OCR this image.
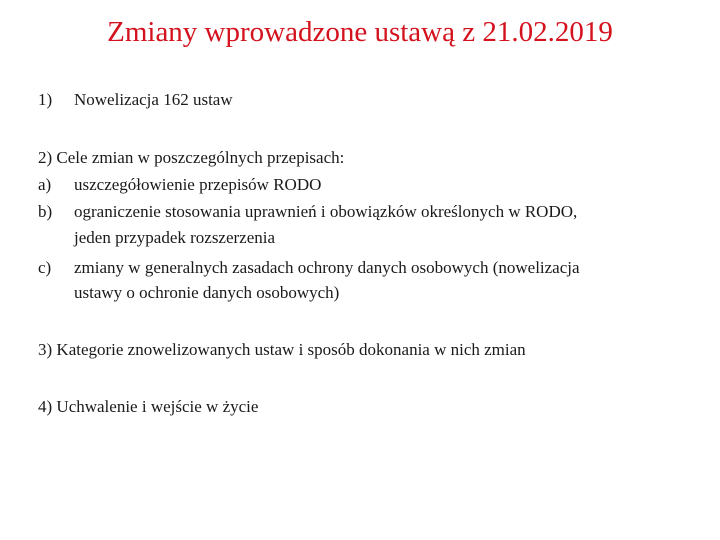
Zmiany wprowadzone ustawą z 21.02.2019
1) Nowelizacja 162 ustaw
2) Cele zmian w poszczególnych przepisach:
a) uszczegółowienie przepisów RODO
b) ograniczenie stosowania uprawnień i obowiązków określonych w RODO,
jeden przypadek rozszerzenia
c) zmiany w generalnych zasadach ochrony danych osobowych (nowelizacja
ustawy o ochronie danych osobowych)
3) Kategorie znowelizowanych ustaw i sposób dokonania w nich zmian
4) Uchwalenie i wejście w życie
